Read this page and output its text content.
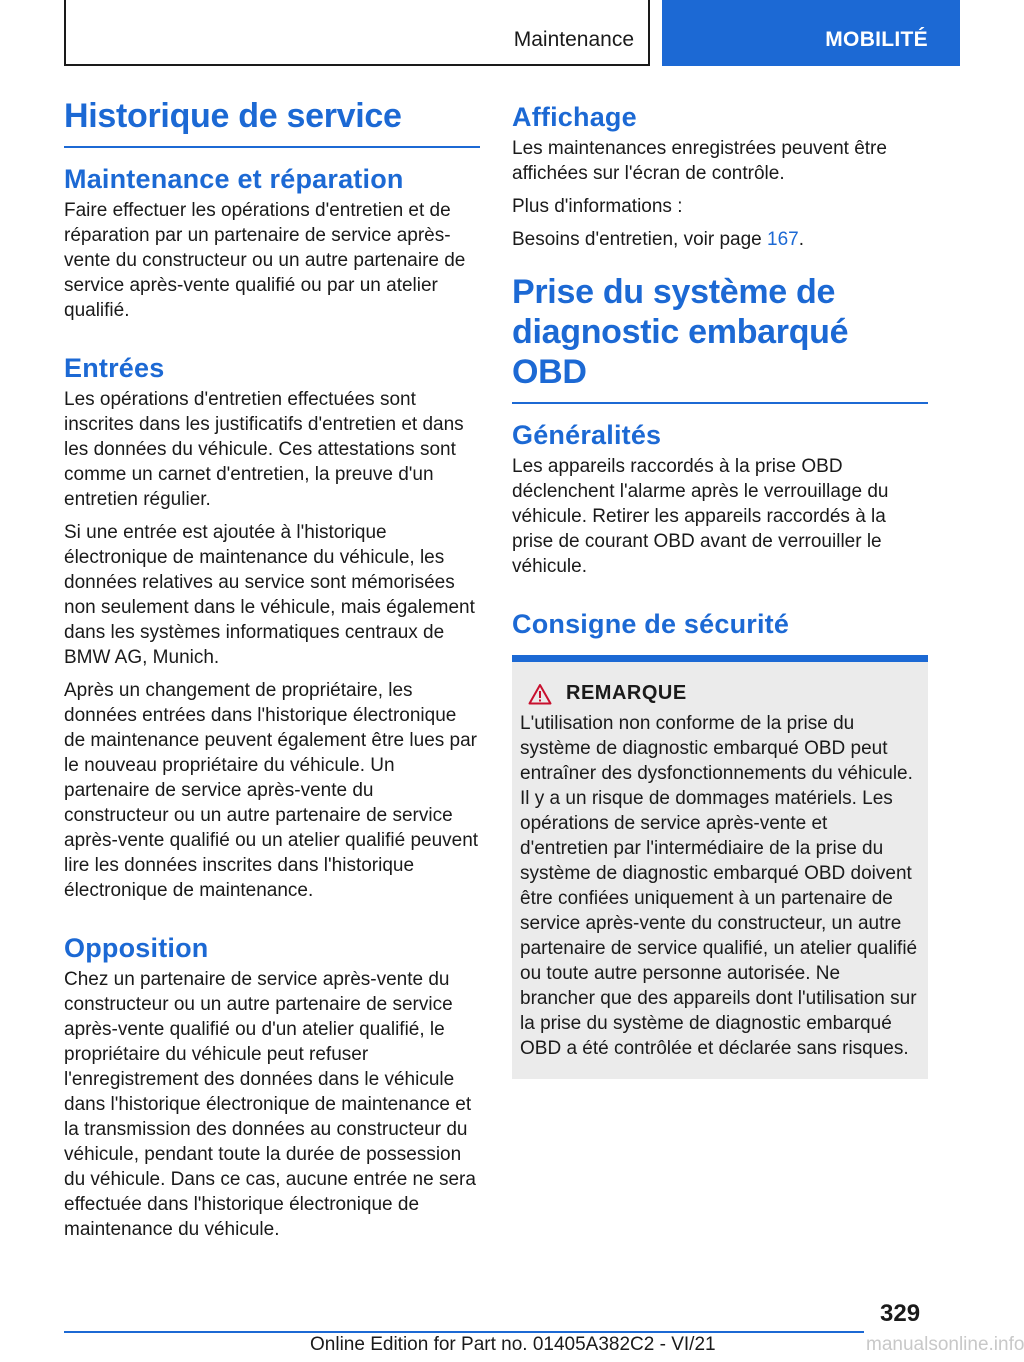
Maintenance	MOBILITÉ
Historique de service
Maintenance et réparation

Faire effectuer les opérations d'entretien et de réparation par un partenaire de service après-vente du constructeur ou un autre partenaire de service après-vente qualifié ou par un atelier qualifié.

Entrées

Les opérations d'entretien effectuées sont inscrites dans les justificatifs d'entretien et dans les données du véhicule. Ces attestations sont comme un carnet d'entretien, la preuve d'un entretien régulier.

Si une entrée est ajoutée à l'historique électronique de maintenance du véhicule, les données relatives au service sont mémorisées non seulement dans le véhicule, mais également dans les systèmes informatiques centraux de BMW AG, Munich.

Après un changement de propriétaire, les données entrées dans l'historique électronique de maintenance peuvent également être lues par le nouveau propriétaire du véhicule. Un partenaire de service après-vente du constructeur ou un autre partenaire de service après-vente qualifié ou un atelier qualifié peuvent lire les données inscrites dans l'historique électronique de maintenance.

Opposition

Chez un partenaire de service après-vente du constructeur ou un autre partenaire de service après-vente qualifié ou d'un atelier qualifié, le propriétaire du véhicule peut refuser l'enregistrement des données dans le véhicule dans l'historique électronique de maintenance et la transmission des données au constructeur du véhicule, pendant toute la durée de possession du véhicule. Dans ce cas, aucune entrée ne sera effectuée dans l'historique électronique de maintenance du véhicule.

Affichage

Les maintenances enregistrées peuvent être affichées sur l'écran de contrôle.

Plus d'informations :

Besoins d'entretien, voir page 167.

Prise du système de diagnostic embarqué OBD
Généralités

Les appareils raccordés à la prise OBD déclenchent l'alarme après le verrouillage du véhicule. Retirer les appareils raccordés à la prise de courant OBD avant de verrouiller le véhicule.

Consigne de sécurité
REMARQUE

L'utilisation non conforme de la prise du système de diagnostic embarqué OBD peut entraîner des dysfonctionnements du véhicule. Il y a un risque de dommages matériels. Les opérations de service après-vente et d'entretien par l'intermédiaire de la prise du système de diagnostic embarqué OBD doivent être confiées uniquement à un partenaire de service après-vente du constructeur, un autre partenaire de service qualifié, un atelier qualifié ou toute autre personne autorisée. Ne brancher que des appareils dont l'utilisation sur la prise du système de diagnostic embarqué OBD a été contrôlée et déclarée sans risques.

329
Online Edition for Part no. 01405A382C2 - VI/21	manualsonline.info
